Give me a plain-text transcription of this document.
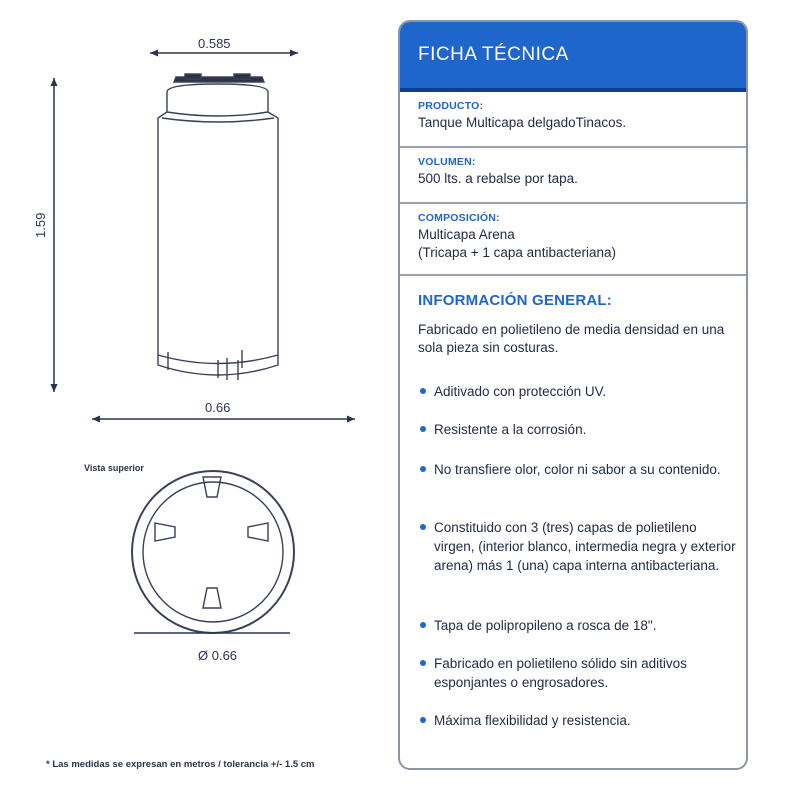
0.585
1.59
0.66
Vista superior
Ø 0.66
* Las medidas se expresan en metros / tolerancia +/- 1.5 cm
FICHA TÉCNICA
PRODUCTO:
Tanque Multicapa delgadoTinacos.
VOLUMEN:
500 lts. a rebalse por tapa.
COMPOSICIÓN:
Multicapa Arena
(Tricapa + 1 capa antibacteriana)
INFORMACIÓN GENERAL:
Fabricado en polietileno de media densidad en una sola pieza sin costuras.
Aditivado con protección UV.
Resistente a la corrosión.
No transfiere olor, color ni sabor a su contenido.
Constituido con 3 (tres) capas de polietileno virgen, (interior blanco, intermedia negra y exterior arena) más 1 (una) capa interna antibacteriana.
Tapa de polipropileno a rosca de 18".
Fabricado en polietileno sólido sin aditivos esponjantes o engrosadores.
Máxima flexibilidad y resistencia.
